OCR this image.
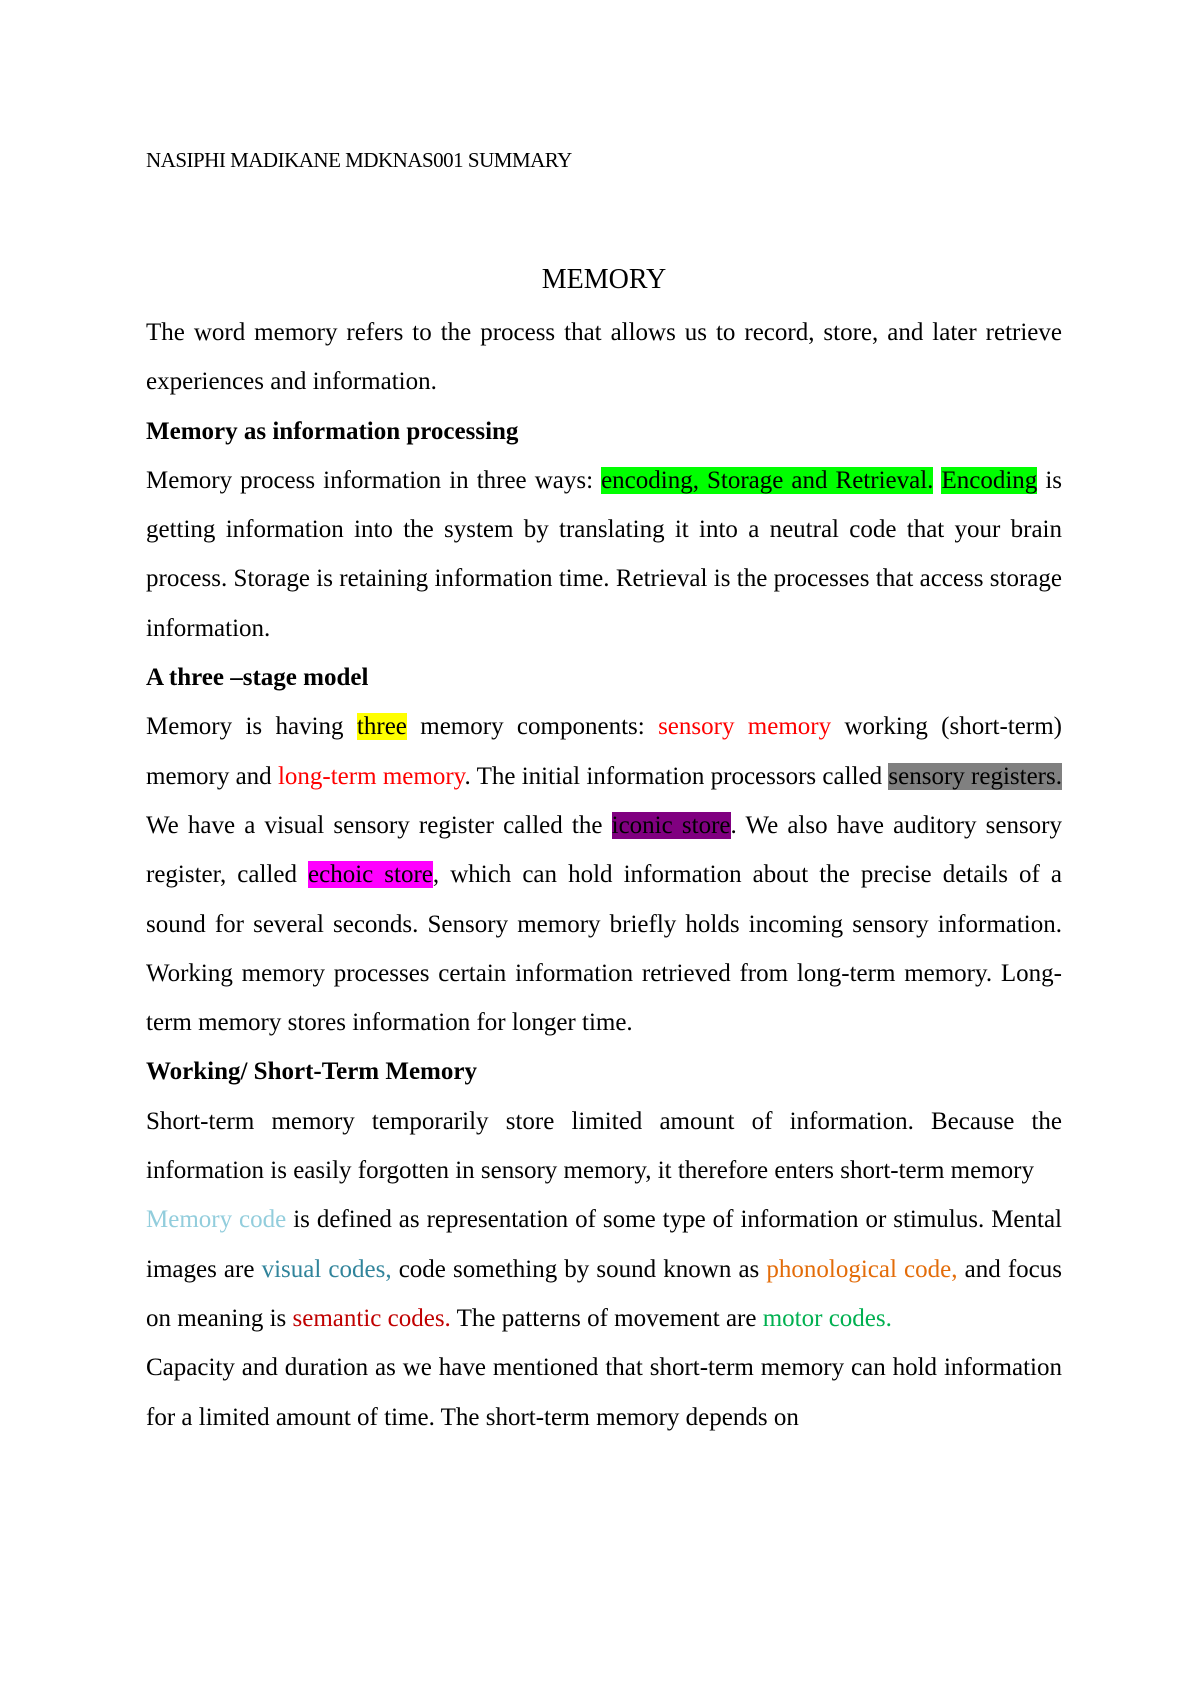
NASIPHI MADIKANE MDKNAS001 SUMMARY

MEMORY

The word memory refers to the process that allows us to record, store, and later retrieve experiences and information.

Memory as information processing

Memory process information in three ways: encoding, Storage and Retrieval. Encoding is getting information into the system by translating it into a neutral code that your brain process. Storage is retaining information time. Retrieval is the processes that access storage information.

A three –stage model

Memory is having three memory components: sensory memory working (short-term) memory and long-term memory. The initial information processors called sensory registers. We have a visual sensory register called the iconic store. We also have auditory sensory register, called echoic store, which can hold information about the precise details of a sound for several seconds. Sensory memory briefly holds incoming sensory information. Working memory processes certain information retrieved from long-term memory. Long-term memory stores information for longer time.

Working/ Short-Term Memory

Short-term memory temporarily store limited amount of information. Because the information is easily forgotten in sensory memory, it therefore enters short-term memory

Memory code is defined as representation of some type of information or stimulus. Mental images are visual codes, code something by sound known as phonological code, and focus on meaning is semantic codes. The patterns of movement are motor codes.

Capacity and duration as we have mentioned that short-term memory can hold information for a limited amount of time. The short-term memory depends on
